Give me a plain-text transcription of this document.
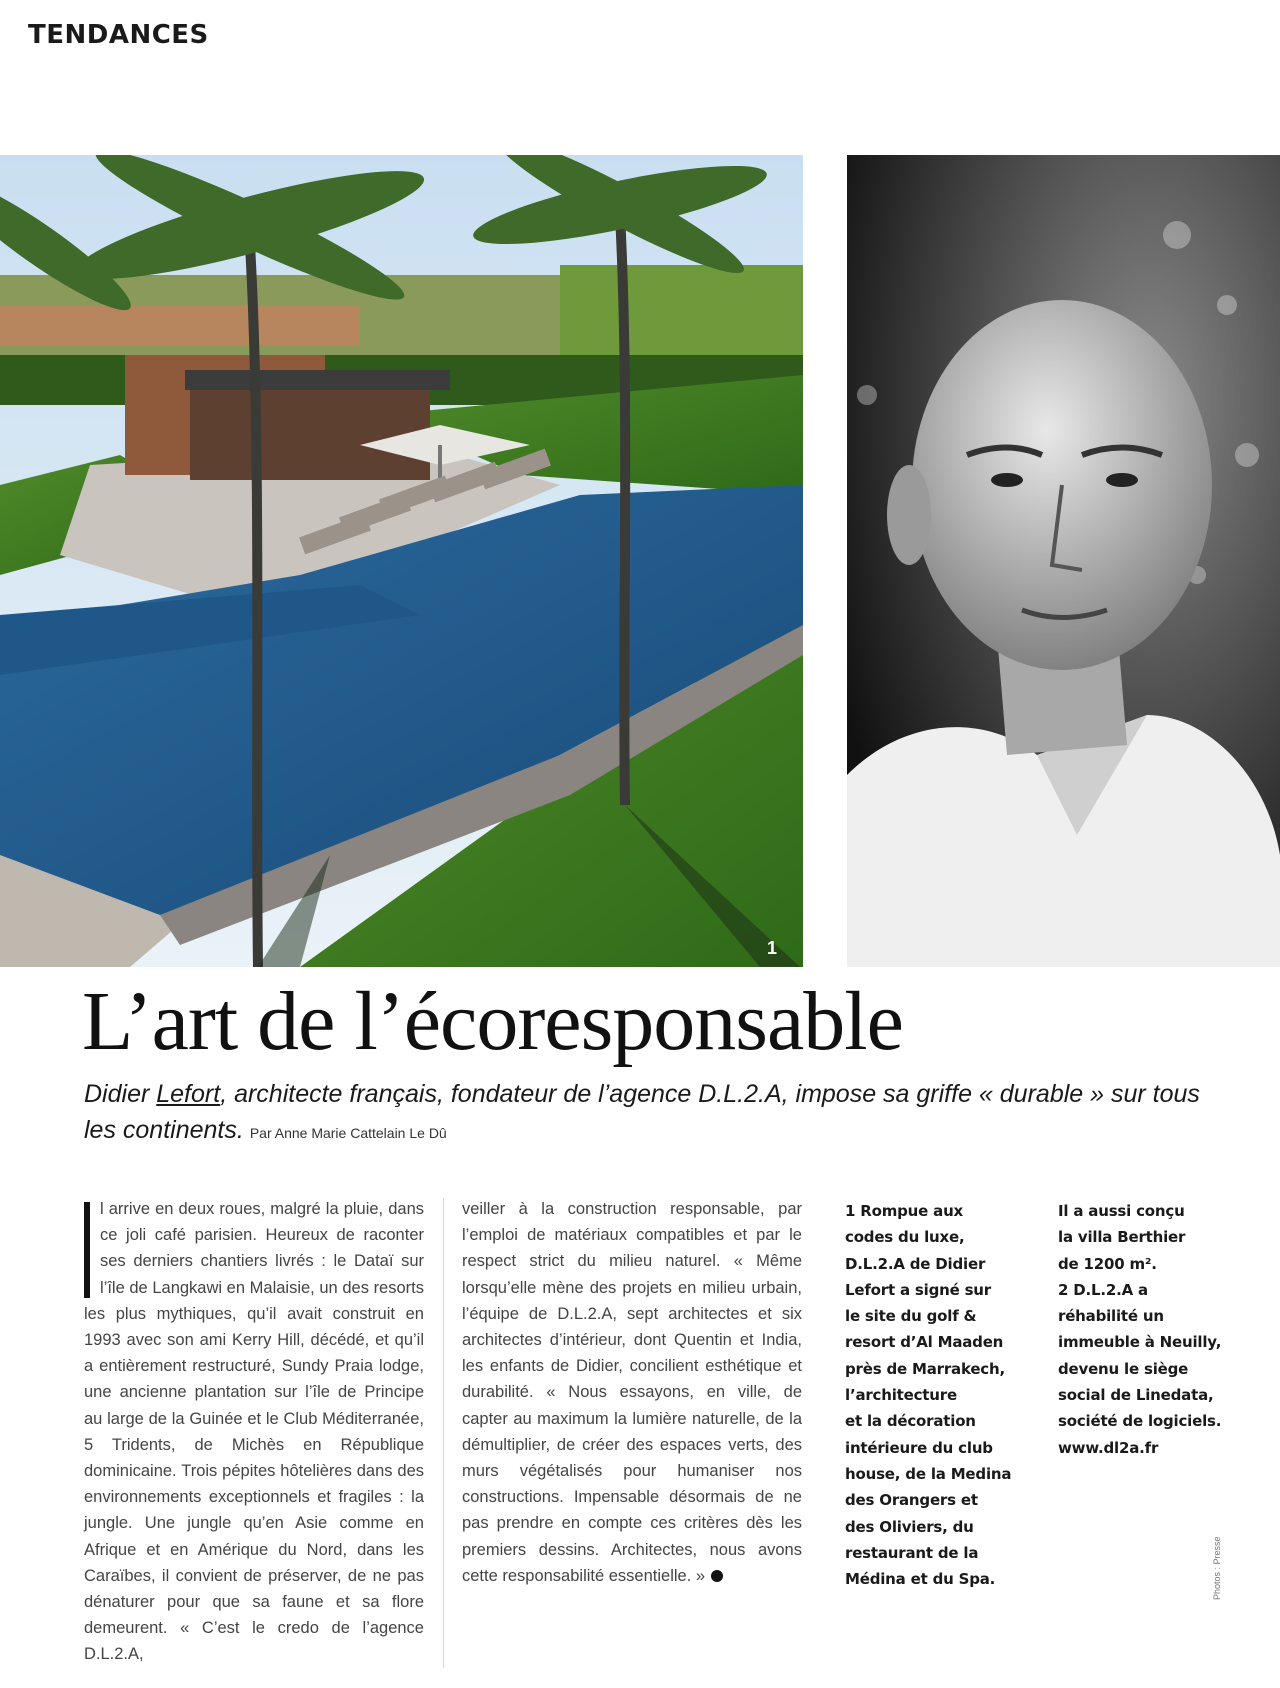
TENDANCES
1
L’art de l’écoresponsable
Didier Lefort, architecte français, fondateur de l’agence D.L.2.A, impose sa griffe « durable » sur tous les continents. Par Anne Marie Cattelain Le Dû

l arrive en deux roues, malgré la pluie, dans ce joli café parisien. Heureux de raconter ses derniers chantiers livrés : le Dataï sur l’île de Langkawi en Malaisie, un des resorts les plus mythiques, qu’il avait construit en 1993 avec son ami Kerry Hill, décédé, et qu’il a entièrement restructuré, Sundy Praia lodge, une ancienne plantation sur l’île de Principe au large de la Guinée et le Club Méditerranée, 5 Tridents, de Michès en République dominicaine. Trois pépites hôtelières dans des environnements exceptionnels et fragiles : la jungle. Une jungle qu’en Asie comme en Afrique et en Amérique du Nord, dans les Caraïbes, il convient de préserver, de ne pas dénaturer pour que sa faune et sa flore demeurent. « C’est le credo de l’agence D.L.2.A,

veiller à la construction responsable, par l’emploi de matériaux compatibles et par le respect strict du milieu naturel. « Même lorsqu’elle mène des projets en milieu urbain, l’équipe de D.L.2.A, sept architectes et six architectes d’intérieur, dont Quentin et India, les enfants de Didier, concilient esthétique et durabilité. « Nous essayons, en ville, de capter au maximum la lumière naturelle, de la démultiplier, de créer des espaces verts, des murs végétalisés pour humaniser nos constructions. Impensable désormais de ne pas prendre en compte ces critères dès les premiers dessins. Architectes, nous avons cette responsabilité essentielle. »

1 Rompue aux
codes du luxe,
D.L.2.A de Didier
Lefort a signé sur
le site du golf &
resort d’Al Maaden
près de Marrakech,
l’architecture
et la décoration
intérieure du club
house, de la Medina
des Orangers et
des Oliviers, du
restaurant de la
Médina et du Spa.
Il a aussi conçu
la villa Berthier
de 1200 m².
2 D.L.2.A a
réhabilité un
immeuble à Neuilly,
devenu le siège
social de Linedata,
société de logiciels.
www.dl2a.fr
Photos : Presse
